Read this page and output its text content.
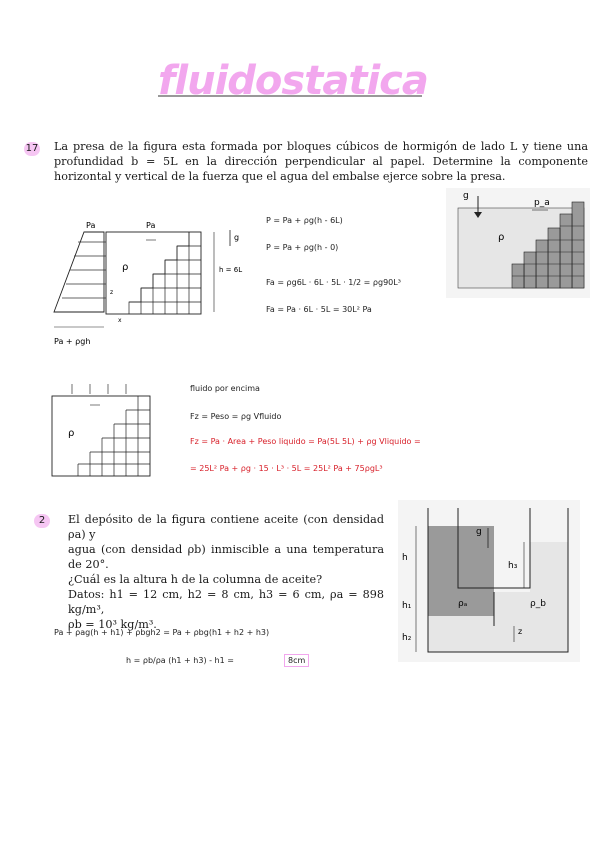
fluidostatica
17 La presa de la figura esta formada por bloques cúbicos de hormigón de lado L y tiene una profundidad b = 5L en la dirección perpendicular al papel. Determine la componente horizontal y vertical de la fuerza que el agua del embalse ejerce sobre la presa.
g
p_a
ρ
Pa	Pa
ρ
g
h = 6L
z
x
Pa + ρgh
P = Pa + ρg(h - 6L)
P = Pa + ρg(h - 0)
Fa = ρg6L · 6L · 5L · 1/2 = ρg90L³
Fa = Pa · 6L · 5L = 30L² Pa
ρ
fluido por encima
Fz = Peso = ρg Vfluido
Fz = Pa · Area + Peso liquido = Pa(5L 5L) + ρg Vliquido =
= 25L² Pa + ρg · 15 · L³ · 5L = 25L² Pa + 75ρgL³
2	El depósito de la figura contiene aceite (con densidad ρa) y
agua (con densidad ρb) inmiscible a una temperatura de 20°.
¿Cuál es la altura h de la columna de aceite?
Datos: h1 = 12 cm, h2 = 8 cm, h3 = 6 cm, ρa = 898 kg/m³,
ρb = 10³ kg/m³.
g
h
h₁
h₂
h₃
ρₐ	ρ_b
z
Pa + ρag(h + h1) + ρbgh2 = Pa + ρbg(h1 + h2 + h3)
h = ρb/ρa (h1 + h3) - h1 =	8cm
